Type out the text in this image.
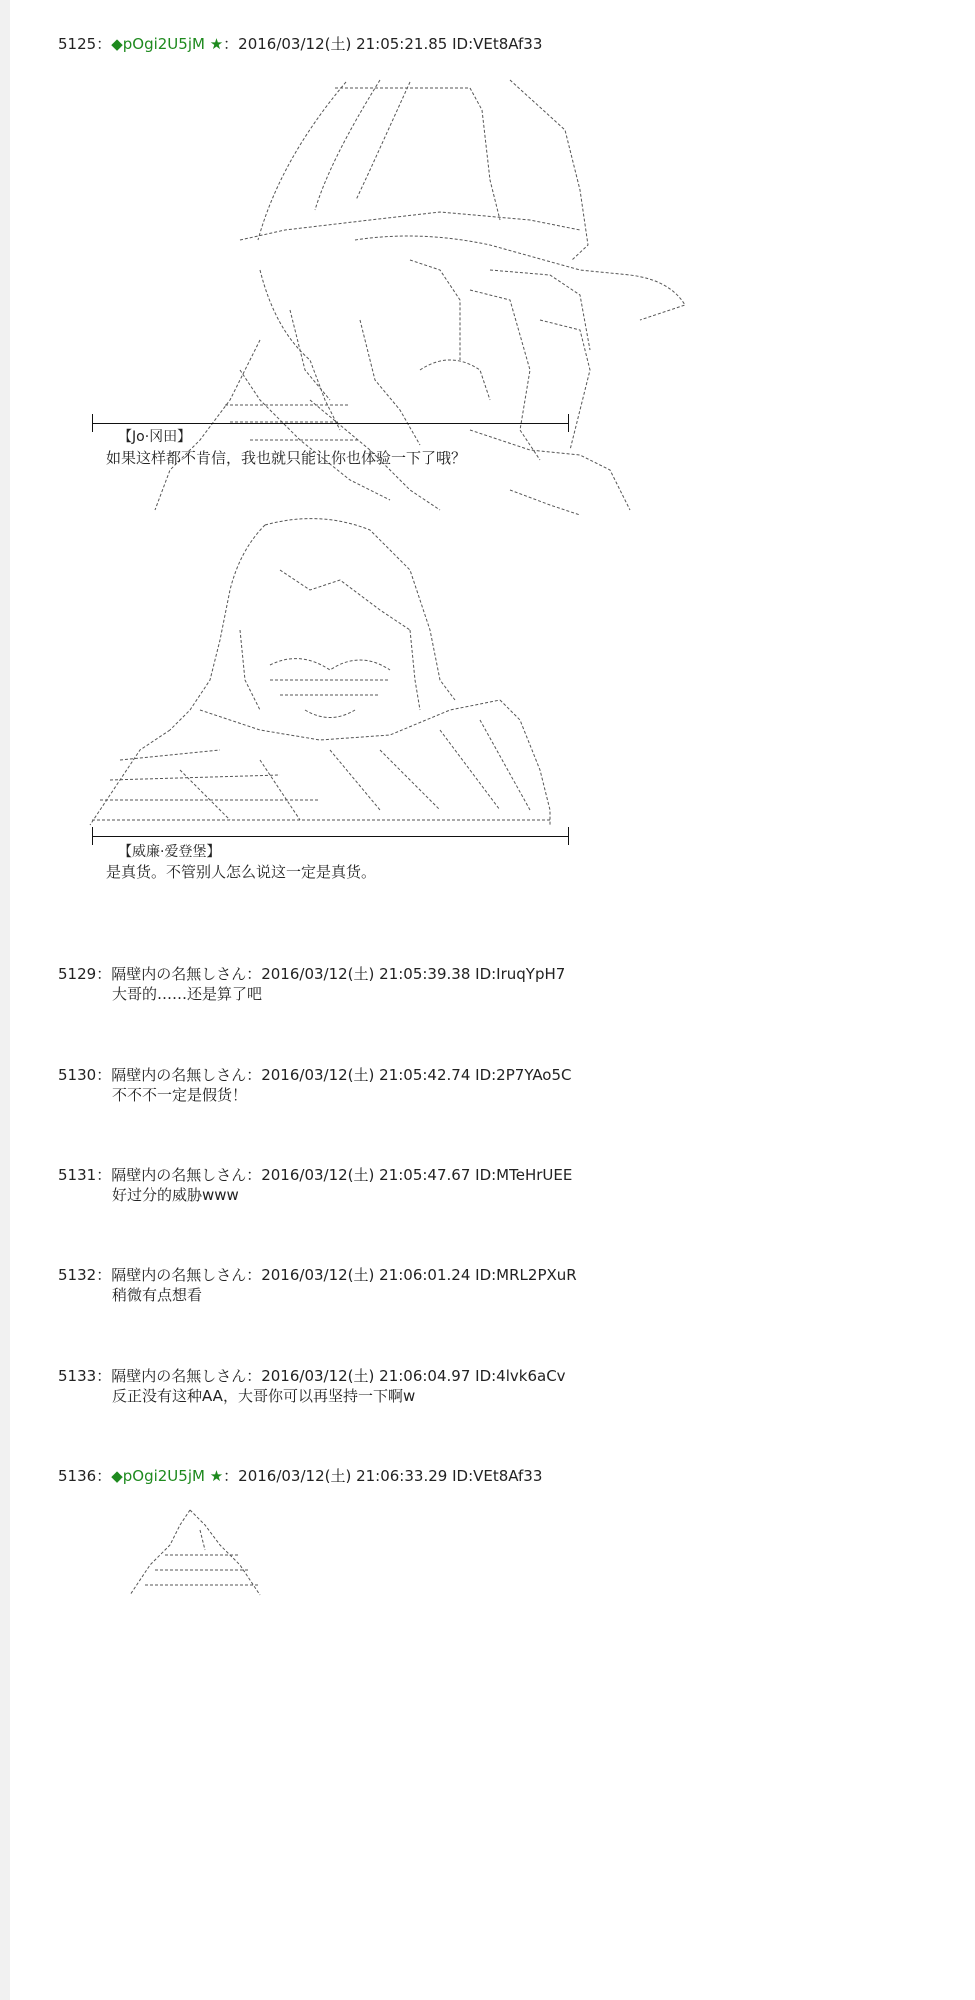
5125：◆pOgi2U5jM ★：2016/03/12(土) 21:05:21.85 ID:VEt8Af33
【Jo·冈田】
如果这样都不肯信，我也就只能让你也体验一下了哦？
【威廉·爱登堡】
是真货。不管别人怎么说这一定是真货。
5129：隔壁内の名無しさん：2016/03/12(土) 21:05:39.38 ID:IruqYpH7
大哥的……还是算了吧
5130：隔壁内の名無しさん：2016/03/12(土) 21:05:42.74 ID:2P7YAo5C
不不不一定是假货！
5131：隔壁内の名無しさん：2016/03/12(土) 21:05:47.67 ID:MTeHrUEE
好过分的威胁www
5132：隔壁内の名無しさん：2016/03/12(土) 21:06:01.24 ID:MRL2PXuR
稍微有点想看
5133：隔壁内の名無しさん：2016/03/12(土) 21:06:04.97 ID:4lvk6aCv
反正没有这种AA，大哥你可以再坚持一下啊w
5136：◆pOgi2U5jM ★：2016/03/12(土) 21:06:33.29 ID:VEt8Af33
